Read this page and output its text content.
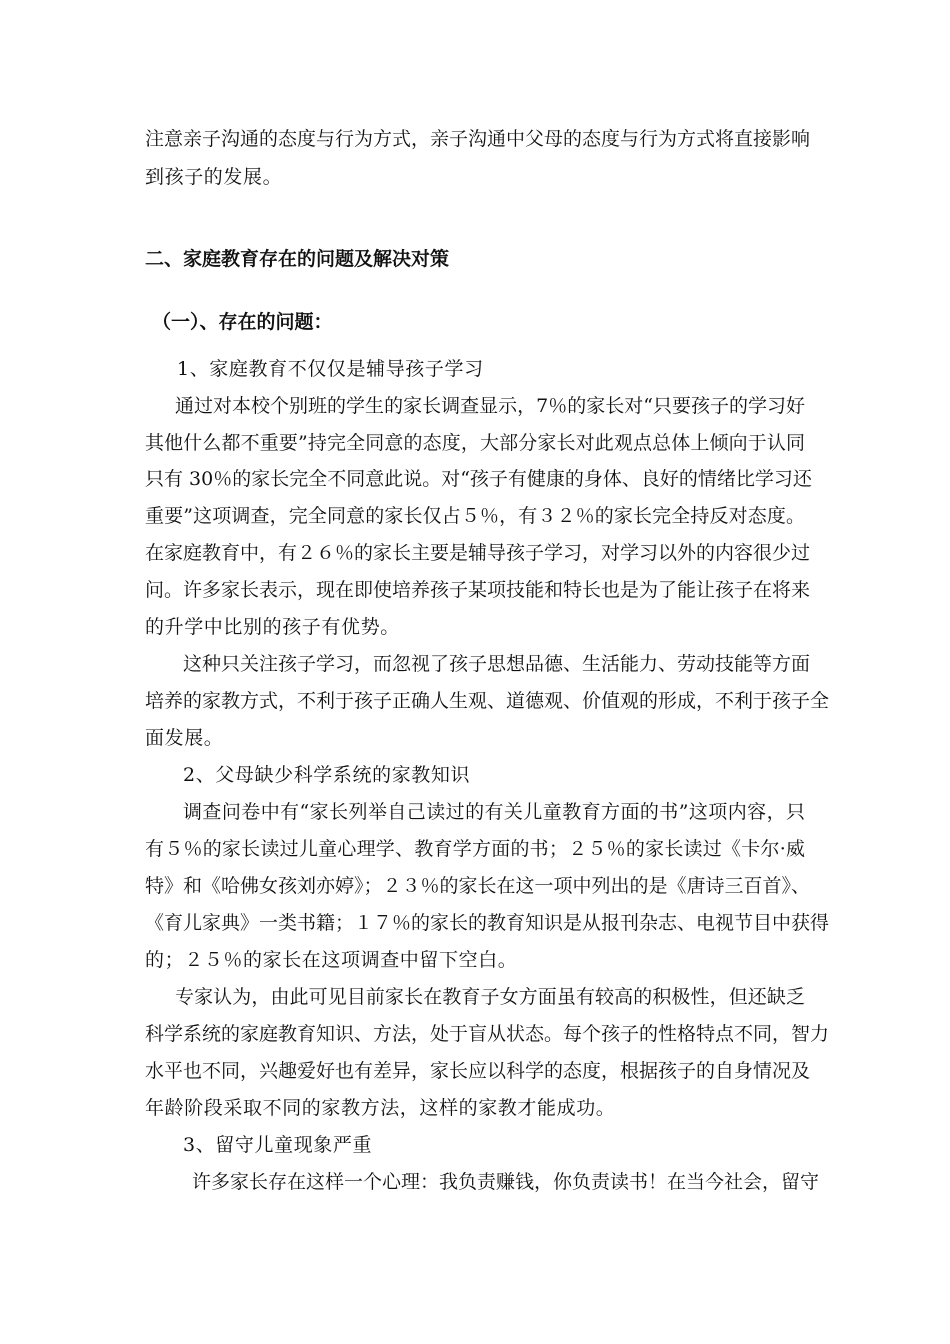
注意亲子沟通的态度与行为方式，亲子沟通中父母的态度与行为方式将直接影响
到孩子的发展。
二、家庭教育存在的问题及解决对策
（一）、存在的问题：
1、家庭教育不仅仅是辅导孩子学习
通过对本校个别班的学生的家长调查显示，7％的家长对“只要孩子的学习好
其他什么都不重要”持完全同意的态度，大部分家长对此观点总体上倾向于认同
只有 30％的家长完全不同意此说。对“孩子有健康的身体、良好的情绪比学习还
重要”这项调查，完全同意的家长仅占５％，有３２％的家长完全持反对态度。
在家庭教育中，有２６％的家长主要是辅导孩子学习，对学习以外的内容很少过
问。许多家长表示，现在即使培养孩子某项技能和特长也是为了能让孩子在将来
的升学中比别的孩子有优势。
这种只关注孩子学习，而忽视了孩子思想品德、生活能力、劳动技能等方面
培养的家教方式，不利于孩子正确人生观、道德观、价值观的形成，不利于孩子全
面发展。
2、父母缺少科学系统的家教知识
调查问卷中有“家长列举自己读过的有关儿童教育方面的书”这项内容，只
有５％的家长读过儿童心理学、教育学方面的书；２５％的家长读过《卡尔·威
特》和《哈佛女孩刘亦婷》；２３％的家长在这一项中列出的是《唐诗三百首》、
《育儿家典》一类书籍；１７％的家长的教育知识是从报刊杂志、电视节目中获得
的；２５％的家长在这项调查中留下空白。
专家认为，由此可见目前家长在教育子女方面虽有较高的积极性，但还缺乏
科学系统的家庭教育知识、方法，处于盲从状态。每个孩子的性格特点不同，智力
水平也不同，兴趣爱好也有差异，家长应以科学的态度，根据孩子的自身情况及
年龄阶段采取不同的家教方法，这样的家教才能成功。
3、留守儿童现象严重
许多家长存在这样一个心理：我负责赚钱，你负责读书！在当今社会，留守
